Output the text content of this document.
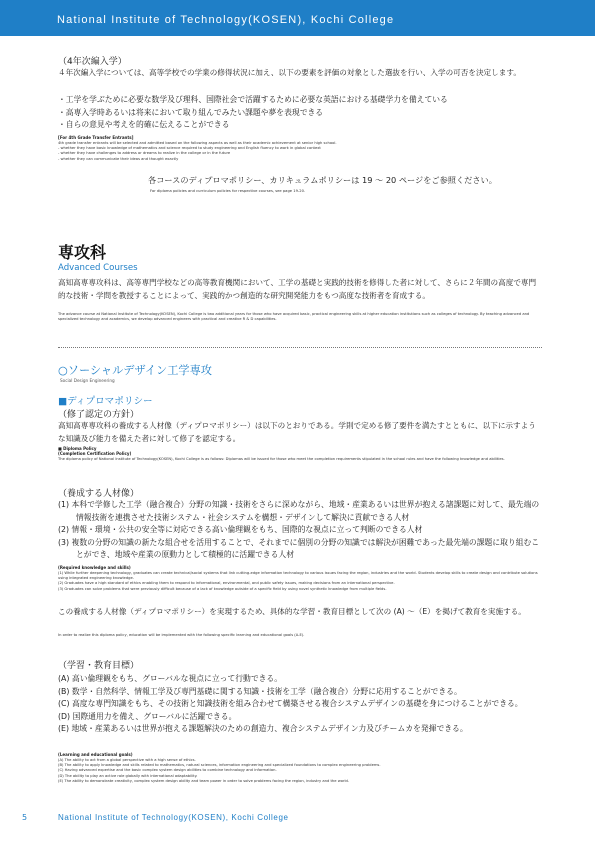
National Institute of Technology(KOSEN), Kochi College
（4年次編入学）
４年次編入学については、高等学校での学業の修得状況に加え、以下の要素を評価の対象とした選抜を行い、入学の可否を決定します。
・工学を学ぶために必要な数学及び理科、国際社会で活躍するために必要な英語における基礎学力を備えている
・高専入学時あるいは将来において取り組んでみたい課題や夢を表現できる
・自らの意見や考えを的確に伝えることができる
[For 4th Grade Transfer Entrants]
4th grade transfer entrants will be selected and admitted based on the following aspects as well as their academic achievement at senior high school.
- whether they have basic knowledge of mathematics and science required to study engineering and English fluency to work in global context
- whether they have challenges to address or dreams to realize in the college or in the future
- whether they can communicate their ideas and thought exactly
各コースのディプロマポリシー、カリキュラムポリシーは 19 〜 20 ページをご参照ください。
For diploma policies and curriculum policies for respective courses, see page 19-20.
専攻科
Advanced Courses
高知高専専攻科は、高等専門学校などの高等教育機関において、工学の基礎と実践的技術を修得した者に対して、さらに２年間の高度で専門的な技術・学問を教授することによって、実践的かつ創造的な研究開発能力をもつ高度な技術者を育成する。
The advance course at National Institute of Technology(KOSEN), Kochi College is two additional years for those who have acquired basic, practical engineering skills at higher education institutions such as colleges of technology. By teaching advanced and specialized technology and academics, we develop advanced engineers with practical and creative R & D capabilities.
○ソーシャルデザイン工学専攻
Social Design Engineering
■ディプロマポリシー
（修了認定の方針）
高知高専専攻科の養成する人材像（ディプロマポリシー）は以下のとおりである。学則で定める修了要件を満たすとともに、以下に示すような知識及び能力を備えた者に対して修了を認定する。
■ Diploma Policy
(Completion Certification Policy)
The diploma policy of National Institute of Technology(KOSEN), Kochi College is as follows: Diplomas will be issued for those who meet the completion requirements stipulated in the school rules and have the following knowledge and abilities.
（養成する人材像）
(1) 本科で学修した工学（融合複合）分野の知識・技術をさらに深めながら、地域・産業あるいは世界が抱える諸課題に対して、最先端の情報技術を連携させた技術システム・社会システムを構想・デザインして解決に貢献できる人材
(2) 情報・環境・公共の安全等に対応できる高い倫理観をもち、国際的な視点に立って判断のできる人材
(3) 複数の分野の知識の新たな組合せを活用することで、それまでに個別の分野の知識では解決が困難であった最先端の課題に取り組むことができ、地域や産業の原動力として積極的に活躍できる人材
(Required knowledge and skills)
(1) While further deepening technology, graduates can create technical/social systems that link cutting-edge information technology to various issues facing the region, industries and the world. Students develop skills to create design and contribute solutions using integrated engineering knowledge.
(2) Graduates have a high standard of ethics enabling them to respond to informational, environmental, and public safety issues, making decisions from an international perspective.
(3) Graduates can solve problems that were previously difficult because of a lack of knowledge outside of a specific field by using novel synthetic knowledge from multiple fields.
この養成する人材像（ディプロマポリシー）を実現するため、具体的な学習・教育目標として次の (A) 〜（E）を掲げて教育を実施する。
In order to realize this diploma policy, education will be implemented with the following specific learning and educational goals (A-E).
（学習・教育目標）
(A) 高い倫理観をもち、グローバルな視点に立って行動できる。
(B) 数学・自然科学、情報工学及び専門基礎に関する知識・技術を工学（融合複合）分野に応用することができる。
(C) 高度な専門知識をもち、その技術と知識技術を組み合わせて構築させる複合システムデザインの基礎を身につけることができる。
(D) 国際通用力を備え、グローバルに活躍できる。
(E) 地域・産業あるいは世界が抱える課題解決のための創造力、複合システムデザイン力及びチームカを発揮できる。
(Learning and educational goals)
(A) The ability to act from a global perspective with a high sense of ethics.
(B) The ability to apply knowledge and skills related to mathematics, natural sciences, information engineering and specialized foundations to complex engineering problems.
(C) Having advanced expertise and the basic complex system design abilities to combine technology and information.
(D) The ability to play an active role globally with international adaptability.
(E) The ability to demonstrate creativity, complex system design ability and team power in order to solve problems facing the region, industry and the world.
5	National Institute of Technology(KOSEN), Kochi College
